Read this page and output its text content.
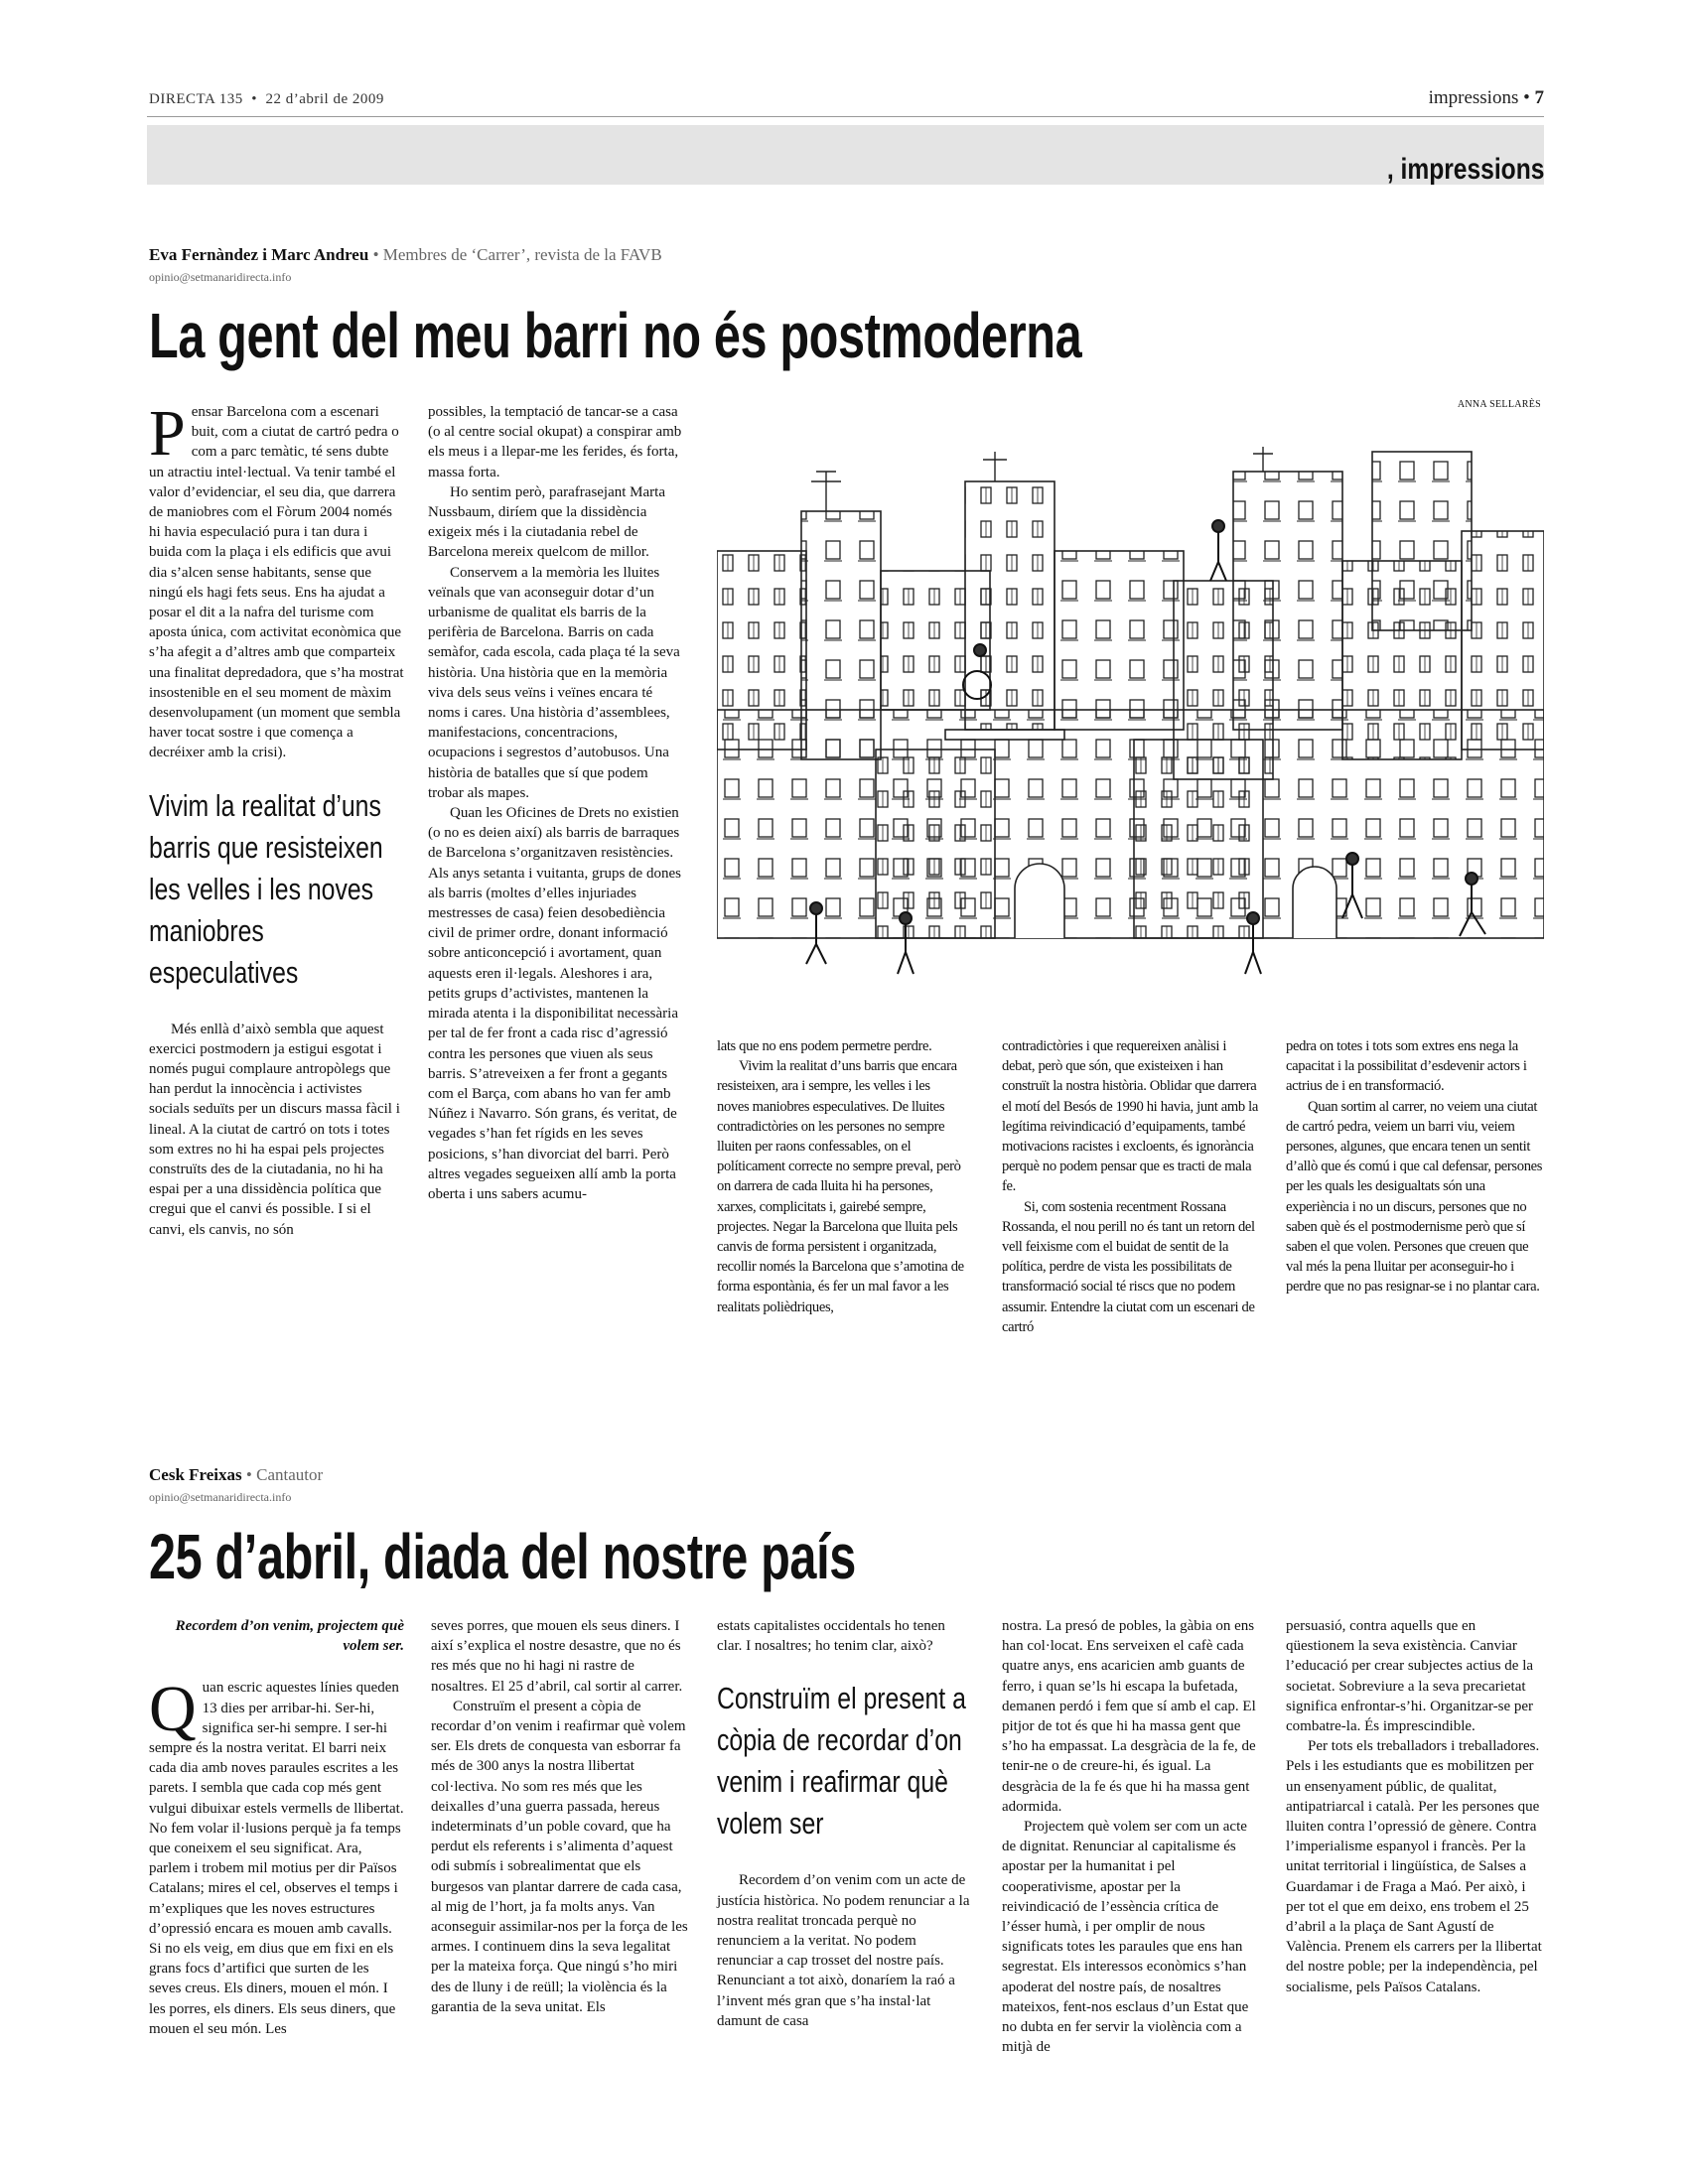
DIRECTA 135 • 22 d’abril de 2009	impressions • 7
, impressions
Eva Fernàndez i Marc Andreu • Membres de ‘Carrer’, revista de la FAVB
opinio@setmanaridirecta.info
La gent del meu barri no és postmoderna
ANNA SELLARÈS

Pensar Barcelona com a escenari buit, com a ciutat de cartró pedra o com a parc temàtic, té sens dubte un atractiu intel·lectual. Va tenir també el valor d’evidenciar, el seu dia, que darrera de maniobres com el Fòrum 2004 només hi havia especulació pura i tan dura i buida com la plaça i els edificis que avui dia s’alcen sense habitants, sense que ningú els hagi fets seus. Ens ha ajudat a posar el dit a la nafra del turisme com aposta única, com activitat econòmica que s’ha afegit a d’altres amb que comparteix una finalitat depredadora, que s’ha mostrat insostenible en el seu moment de màxim desenvolupament (un moment que sembla haver tocat sostre i que comença a decréixer amb la crisi).

Vivim la realitat d’uns barris que resisteixen les velles i les noves maniobres especulatives

Més enllà d’això sembla que aquest exercici postmodern ja estigui esgotat i només pugui complaure antropòlegs que han perdut la innocència i activistes socials seduïts per un discurs massa fàcil i lineal. A la ciutat de cartró on tots i totes som extres no hi ha espai pels projectes construïts des de la ciutadania, no hi ha espai per a una dissidència política que cregui que el canvi és possible. I si el canvi, els canvis, no són

possibles, la temptació de tancar-se a casa (o al centre social okupat) a conspirar amb els meus i a llepar-me les ferides, és forta, massa forta.

Ho sentim però, parafrasejant Marta Nussbaum, diríem que la dissidència exigeix més i la ciutadania rebel de Barcelona mereix quelcom de millor.

Conservem a la memòria les lluites veïnals que van aconseguir dotar d’un urbanisme de qualitat els barris de la perifèria de Barcelona. Barris on cada semàfor, cada escola, cada plaça té la seva història. Una història que en la memòria viva dels seus veïns i veïnes encara té noms i cares. Una història d’assemblees, manifestacions, concentracions, ocupacions i segrestos d’autobusos. Una història de batalles que sí que podem trobar als mapes.

Quan les Oficines de Drets no existien (o no es deien així) als barris de barraques de Barcelona s’organitzaven resistències. Als anys setanta i vuitanta, grups de dones als barris (moltes d’elles injuriades mestresses de casa) feien desobediència civil de primer ordre, donant informació sobre anticoncepció i avortament, quan aquests eren il·legals. Aleshores i ara, petits grups d’activistes, mantenen la mirada atenta i la disponibilitat necessària per tal de fer front a cada risc d’agressió contra les persones que viuen als seus barris. S’atreveixen a fer front a gegants com el Barça, com abans ho van fer amb Núñez i Navarro. Són grans, és veritat, de vegades s’han fet rígids en les seves posicions, s’han divorciat del barri. Però altres vegades segueixen allí amb la porta oberta i uns sabers acumu-

lats que no ens podem permetre perdre.

Vivim la realitat d’uns barris que encara resisteixen, ara i sempre, les velles i les noves maniobres especulatives. De lluites contradictòries on les persones no sempre lluiten per raons confessables, on el políticament correcte no sempre preval, però on darrera de cada lluita hi ha persones, xarxes, complicitats i, gairebé sempre, projectes. Negar la Barcelona que lluita pels canvis de forma persistent i organitzada, recollir només la Barcelona que s’amotina de forma espontània, és fer un mal favor a les realitats polièdriques,

contradictòries i que requereixen anàlisi i debat, però que són, que existeixen i han construït la nostra història. Oblidar que darrera el motí del Besós de 1990 hi havia, junt amb la legítima reivindicació d’equipaments, també motivacions racistes i excloents, és ignorància perquè no podem pensar que es tracti de mala fe.

Si, com sostenia recentment Rossana Rossanda, el nou perill no és tant un retorn del vell feixisme com el buidat de sentit de la política, perdre de vista les possibilitats de transformació social té riscs que no podem assumir. Entendre la ciutat com un escenari de cartró

pedra on totes i tots som extres ens nega la capacitat i la possibilitat d’esdevenir actors i actrius de i en transformació.

Quan sortim al carrer, no veiem una ciutat de cartró pedra, veiem un barri viu, veiem persones, algunes, que encara tenen un sentit d’allò que és comú i que cal defensar, persones per les quals les desigualtats són una experiència i no un discurs, persones que no saben què és el postmodernisme però que sí saben el que volen. Persones que creuen que val més la pena lluitar per aconseguir-ho i perdre que no pas resignar-se i no plantar cara.

Cesk Freixas • Cantautor
opinio@setmanaridirecta.info
25 d’abril, diada del nostre país
Recordem d’on venim, projectem què volem ser.

Quan escric aquestes línies queden 13 dies per arribar-hi. Ser-hi, significa ser-hi sempre. I ser-hi sempre és la nostra veritat. El barri neix cada dia amb noves paraules escrites a les parets. I sembla que cada cop més gent vulgui dibuixar estels vermells de llibertat. No fem volar il·lusions perquè ja fa temps que coneixem el seu significat. Ara, parlem i trobem mil motius per dir Països Catalans; mires el cel, observes el temps i m’expliques que les noves estructures d’opressió encara es mouen amb cavalls. Si no els veig, em dius que em fixi en els grans focs d’artifici que surten de les seves creus. Els diners, mouen el món. I les porres, els diners. Els seus diners, que mouen el seu món. Les

seves porres, que mouen els seus diners. I així s’explica el nostre desastre, que no és res més que no hi hagi ni rastre de nosaltres. El 25 d’abril, cal sortir al carrer.

Construïm el present a còpia de recordar d’on venim i reafirmar què volem ser. Els drets de conquesta van esborrar fa més de 300 anys la nostra llibertat col·lectiva. No som res més que les deixalles d’una guerra passada, hereus indeterminats d’un poble covard, que ha perdut els referents i s’alimenta d’aquest odi submís i sobrealimentat que els burgesos van plantar darrere de cada casa, al mig de l’hort, ja fa molts anys. Van aconseguir assimilar-nos per la força de les armes. I continuem dins la seva legalitat per la mateixa força. Que ningú s’ho miri des de lluny i de reüll; la violència és la garantia de la seva unitat. Els

estats capitalistes occidentals ho tenen clar. I nosaltres; ho tenim clar, això?

Construïm el present a còpia de recordar d’on venim i reafirmar què volem ser

Recordem d’on venim com un acte de justícia històrica. No podem renunciar a la nostra realitat troncada perquè no renunciem a la veritat. No podem renunciar a cap trosset del nostre país. Renunciant a tot això, donaríem la raó a l’invent més gran que s’ha instal·lat damunt de casa

nostra. La presó de pobles, la gàbia on ens han col·locat. Ens serveixen el cafè cada quatre anys, ens acaricien amb guants de ferro, i quan se’ls hi escapa la bufetada, demanen perdó i fem que sí amb el cap. El pitjor de tot és que hi ha massa gent que s’ho ha empassat. La desgràcia de la fe, de tenir-ne o de creure-hi, és igual. La desgràcia de la fe és que hi ha massa gent adormida.

Projectem què volem ser com un acte de dignitat. Renunciar al capitalisme és apostar per la humanitat i pel cooperativisme, apostar per la reivindicació de l’essència crítica de l’ésser humà, i per omplir de nous significats totes les paraules que ens han segrestat. Els interessos econòmics s’han apoderat del nostre país, de nosaltres mateixos, fent-nos esclaus d’un Estat que no dubta en fer servir la violència com a mitjà de

persuasió, contra aquells que en qüestionem la seva existència. Canviar l’educació per crear subjectes actius de la societat. Sobreviure a la seva precarietat significa enfrontar-s’hi. Organitzar-se per combatre-la. És imprescindible.

Per tots els treballadors i treballadores. Pels i les estudiants que es mobilitzen per un ensenyament públic, de qualitat, antipatriarcal i català. Per les persones que lluiten contra l’opressió de gènere. Contra l’imperialisme espanyol i francès. Per la unitat territorial i lingüística, de Salses a Guardamar i de Fraga a Maó. Per això, i per tot el que em deixo, ens trobem el 25 d’abril a la plaça de Sant Agustí de València. Prenem els carrers per la llibertat del nostre poble; per la independència, pel socialisme, pels Països Catalans.
